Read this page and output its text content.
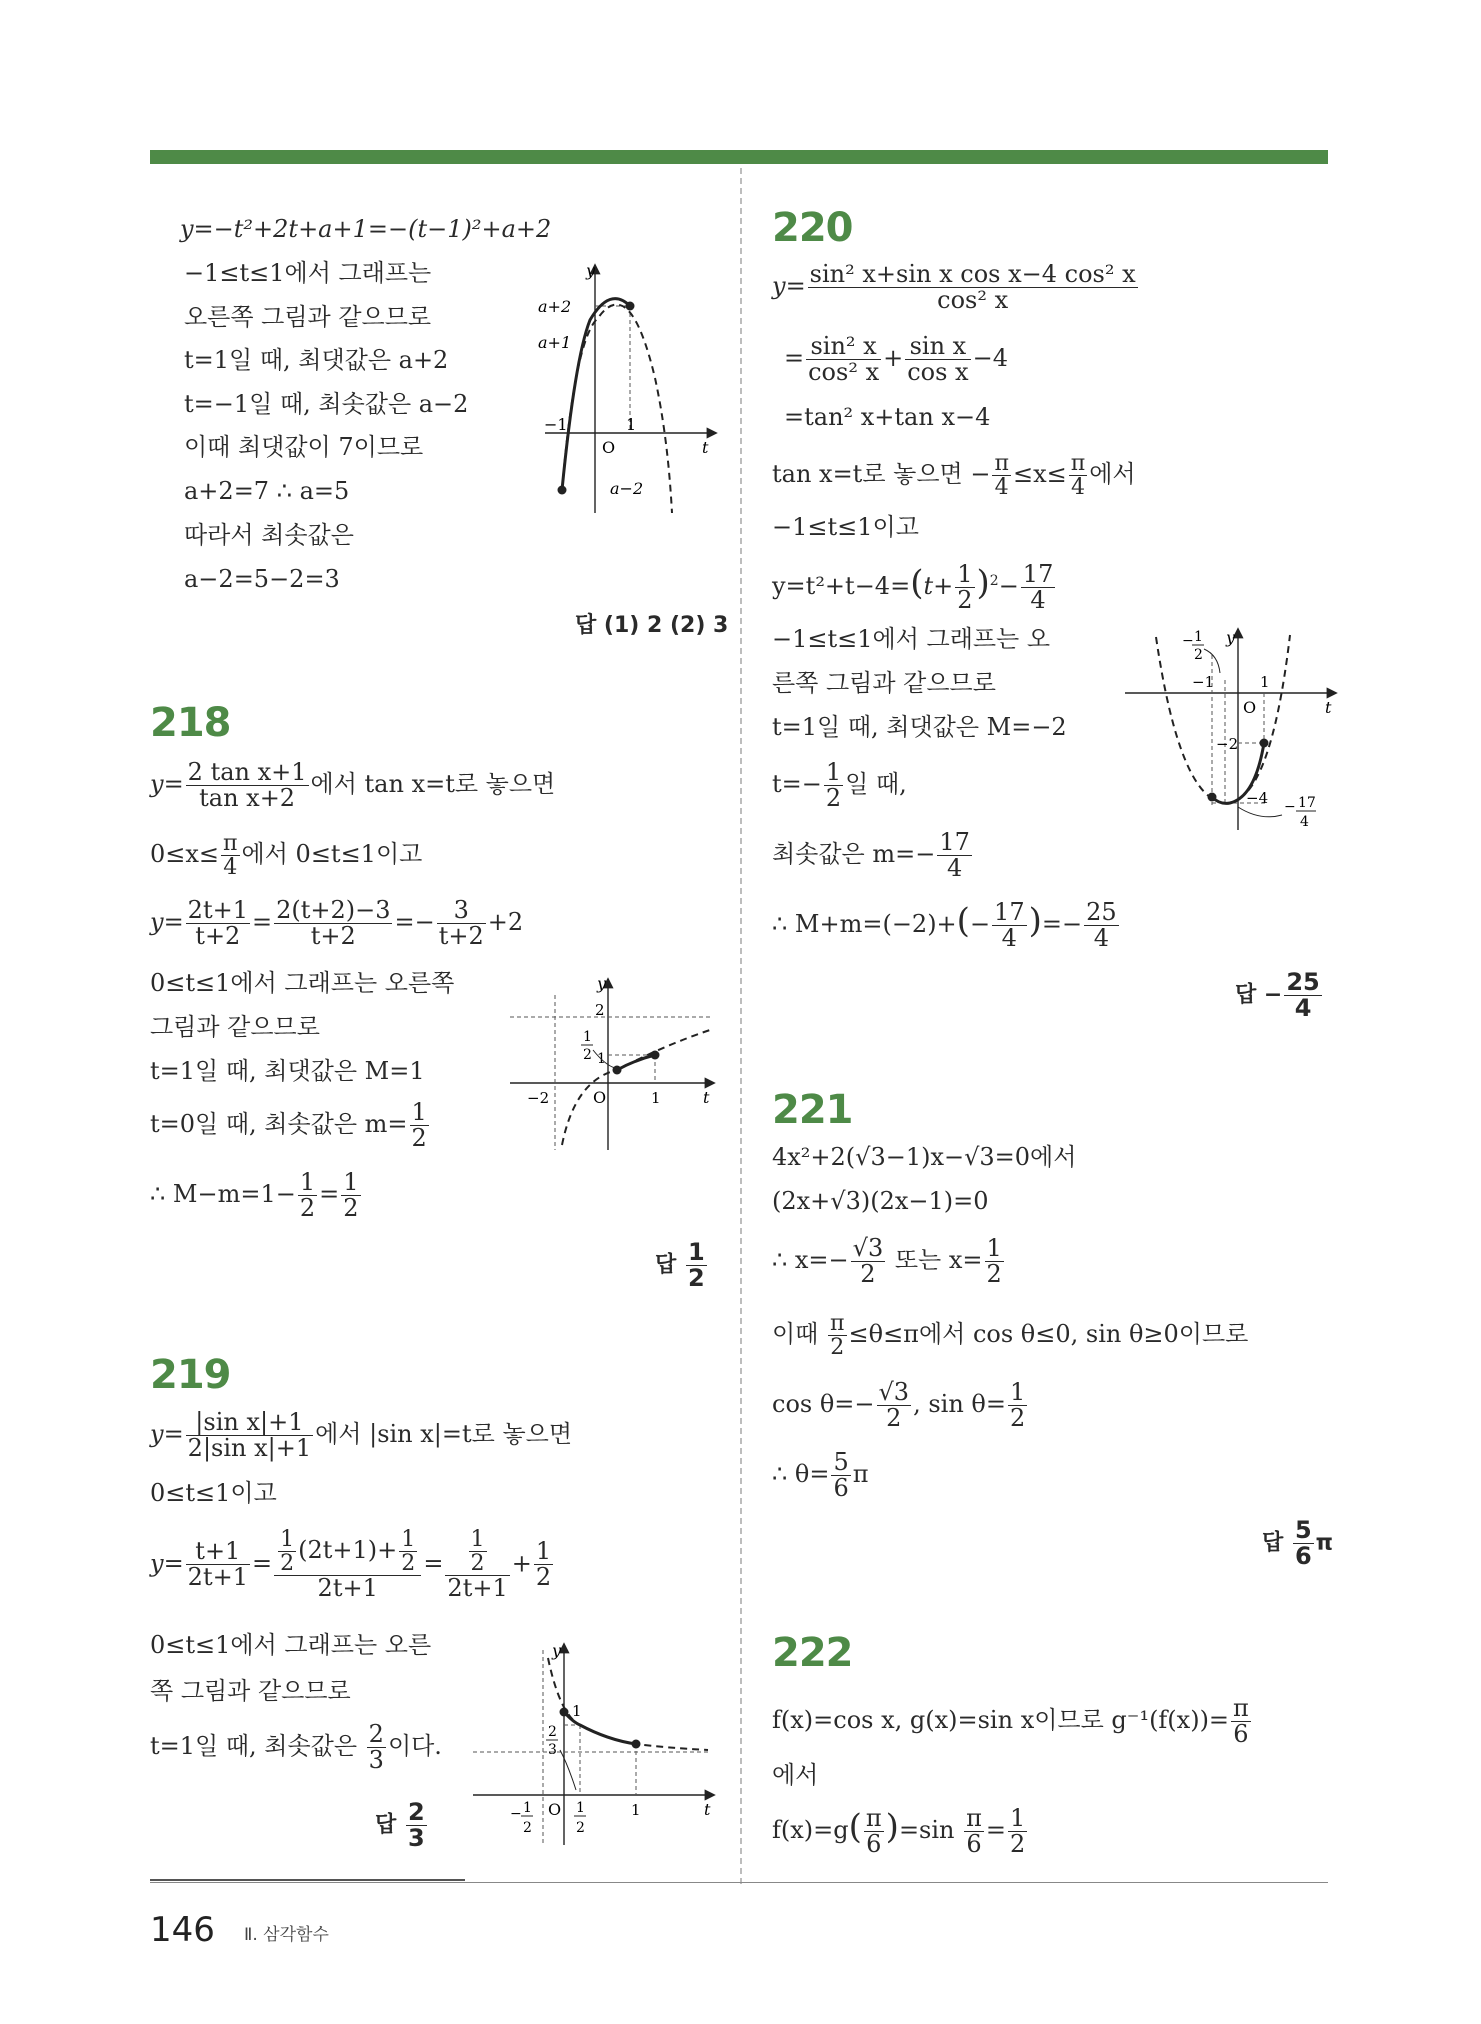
y=−t²+2t+a+1=−(t−1)²+a+2
−1≤t≤1에서 그래프는
오른쪽 그림과 같으므로
t=1일 때, 최댓값은 a+2
t=−1일 때, 최솟값은 a−2
이때 최댓값이 7이므로
a+2=7 ∴ a=5
따라서 최솟값은
a−2=5−2=3
답 (1) 2 (2) 3
y
t
O
−1	1
a+2
a+1
a−2
218
$y= \frac{\text{2 tan x+1}}{\text{tan x+2}}$ 에서 tan x=t로 놓으면
$0\le x\le \frac{\pi}{4}$ 에서 0≤t≤1이고
$y= \frac{2t+1}{t+2} = \frac{2(t+2)-3}{t+2} =- \frac{3}{t+2} +2$
0≤t≤1에서 그래프는 오른쪽
그림과 같으므로
t=1일 때, 최댓값은 M=1
t=0일 때, 최솟값은 $m= \frac{1}{2}$
∴ $M-m=1- \frac{1}{2} = \frac{1}{2}$
답 $\frac{1}{2}$
y
t
O
2
1
2 1
−2	1
219
$y= \frac{\text{|sin x|+1}}{\text{2|sin x|+1}}$ 에서 |sin x|=t로 놓으면
0≤t≤1이고
$y= \frac{t+1}{2t+1} = \frac{\frac{1}{2} (2t+1)+ \frac{1}{2}}{2t+1} = \frac{\frac{1}{2}}{2t+1} + \frac{1}{2}$
0≤t≤1에서 그래프는 오른
쪽 그림과 같으므로
t=1일 때, 최솟값은 $\frac{2}{3}$ 이다.
답 $\frac{2}{3}$
y
t
O
1
2
3
1
1
2
− 1
2
220
$y= \frac{\text{sin² x+sin x cos x−4 cos² x}}{\text{cos² x}}$
= $\frac{\text{sin² x}}{\text{cos² x}} + \frac{\text{sin x}}{\text{cos x}} -4$
=tan² x+tan x−4
tan x=t로 놓으면 − $\frac{\pi}{4} \le x\le \frac{\pi}{4}$ 에서
−1≤t≤1이고
$y=t^2+t-4=(t+ \frac{1}{2} )^2- \frac{17}{4}$
−1≤t≤1에서 그래프는 오
른쪽 그림과 같으므로
t=1일 때, 최댓값은 M=−2
$t=- \frac{1}{2}$ 일 때,
최솟값은 $m=- \frac{17}{4}$
∴ $M+m=(-2)+(- \frac{17}{4}$ )=− $\frac{25}{4}$
답 − $\frac{25}{4}$
y
t
O
−1	1
−2
−4
− 1
2
− 17
4
221
4x²+2(√3−1)x−√3=0에서
(2x+√3)(2x−1)=0
∴ $x=- \frac{√3}{2}$ 또는 $x= \frac{1}{2}$
이때 $\frac{\pi}{2} \le\theta\le\pi$에서 cos θ≤0, sin θ≥0이므로
$\cos \theta=- \frac{√3}{2}$ , $\sin \theta= \frac{1}{2}$
∴ $\theta= \frac{5}{6}$ π
답 $\frac{5}{6}$ π
222
f(x)=cos x, g(x)=sin x이므로 $g^{-1}(f(x))= \frac{\pi}{6}$
에서
$f(x)=g( \frac{\pi}{6} )=\sin \frac{\pi}{6} = \frac{1}{2}$
146 Ⅱ. 삼각함수
